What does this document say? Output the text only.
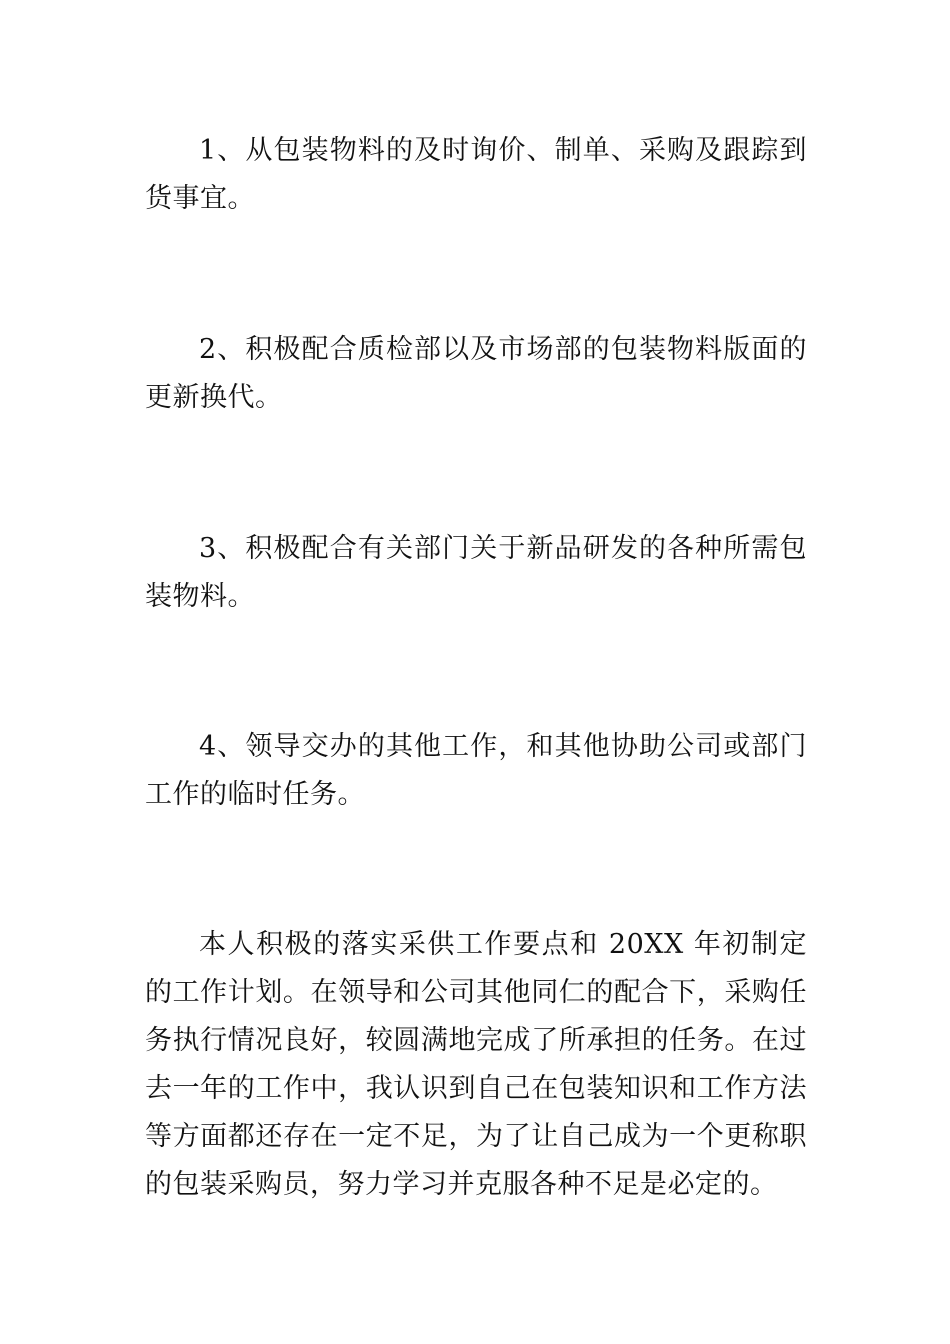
1、从包装物料的及时询价、制单、采购及跟踪到货事宜。

2、积极配合质检部以及市场部的包装物料版面的更新换代。

3、积极配合有关部门关于新品研发的各种所需包装物料。

4、领导交办的其他工作，和其他协助公司或部门工作的临时任务。

本人积极的落实采供工作要点和 20XX 年初制定的工作计划。在领导和公司其他同仁的配合下，采购任务执行情况良好，较圆满地完成了所承担的任务。在过去一年的工作中，我认识到自己在包装知识和工作方法等方面都还存在一定不足，为了让自己成为一个更称职的包装采购员，努力学习并克服各种不足是必定的。
